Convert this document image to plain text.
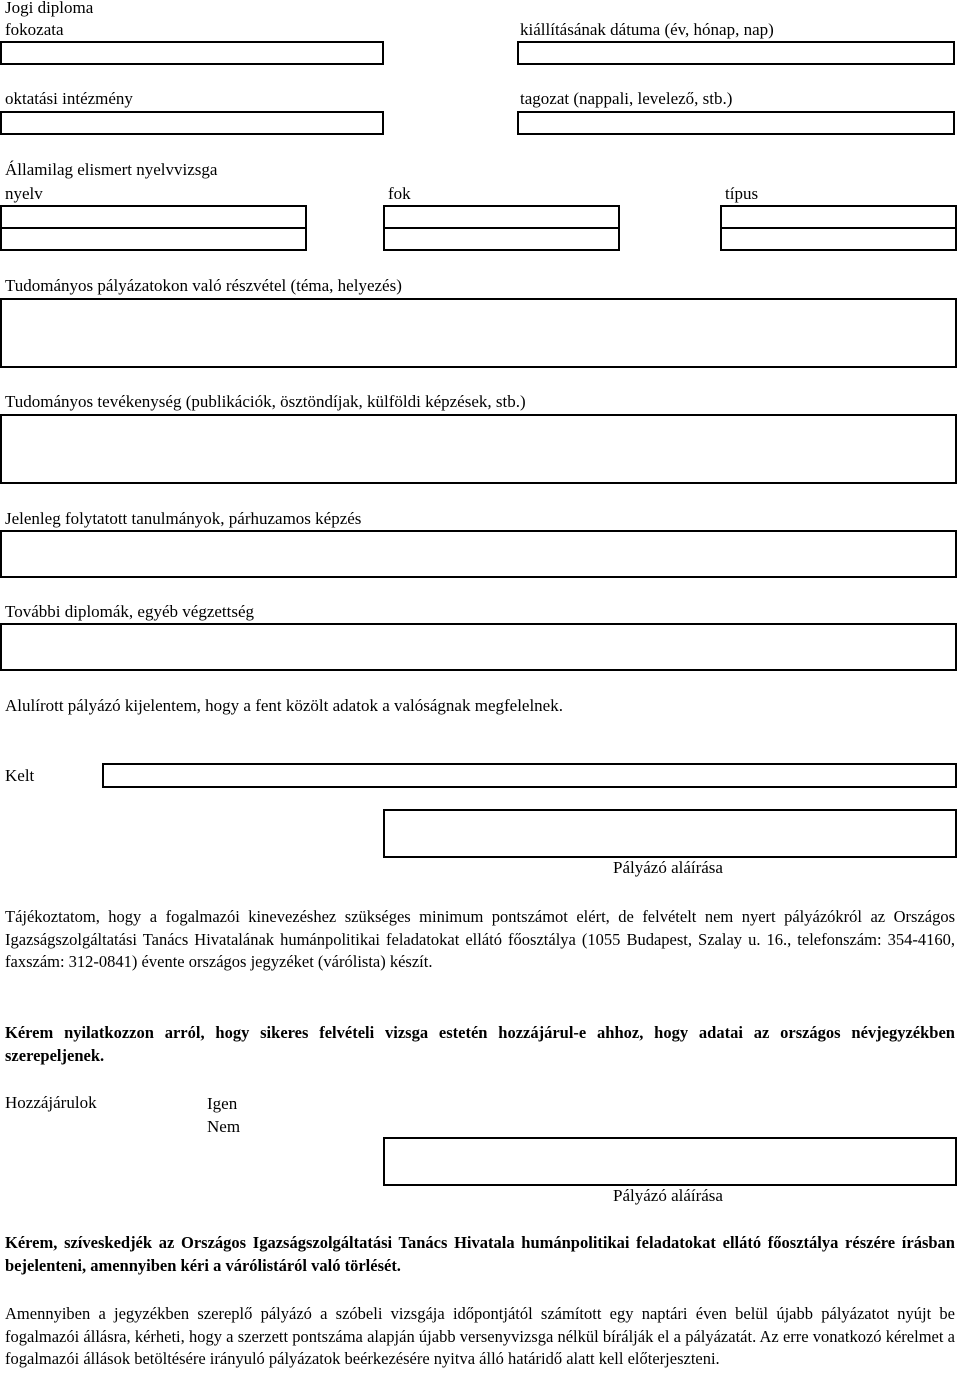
Jogi diploma
fokozata	kiállításának dátuma (év, hónap, nap)
oktatási intézmény	tagozat (nappali, levelező, stb.)
Államilag elismert nyelvvizsga
nyelv	fok	típus
Tudományos pályázatokon való részvétel (téma, helyezés)
Tudományos tevékenység (publikációk, ösztöndíjak, külföldi képzések, stb.)
Jelenleg folytatott tanulmányok, párhuzamos képzés
További diplomák, egyéb végzettség
Alulírott pályázó kijelentem, hogy a fent közölt adatok a valóságnak megfelelnek.
Kelt
Pályázó aláírása
Tájékoztatom, hogy a fogalmazói kinevezéshez szükséges minimum pontszámot elért, de felvételt nem nyert pályázókról az Országos Igazságszolgáltatási Tanács Hivatalának humánpolitikai feladatokat ellátó főosztálya (1055 Budapest, Szalay u. 16., telefonszám: 354-4160, faxszám: 312-0841) évente országos jegyzéket (várólista) készít.
Kérem nyilatkozzon arról, hogy sikeres felvételi vizsga estetén hozzájárul-e ahhoz, hogy adatai az országos névjegyzékben szerepeljenek.
Hozzájárulok	Igen
Nem
Pályázó aláírása
Kérem, szíveskedjék az Országos Igazságszolgáltatási Tanács Hivatala humánpolitikai feladatokat ellátó főosztálya részére írásban bejelenteni, amennyiben kéri a várólistáról való törlését.
Amennyiben a jegyzékben szereplő pályázó a szóbeli vizsgája időpontjától számított egy naptári éven belül újabb pályázatot nyújt be fogalmazói állásra, kérheti, hogy a szerzett pontszáma alapján újabb versenyvizsga nélkül bírálják el a pályázatát. Az erre vonatkozó kérelmet a fogalmazói állások betöltésére irányuló pályázatok beérkezésére nyitva álló határidő alatt kell előterjeszteni.
